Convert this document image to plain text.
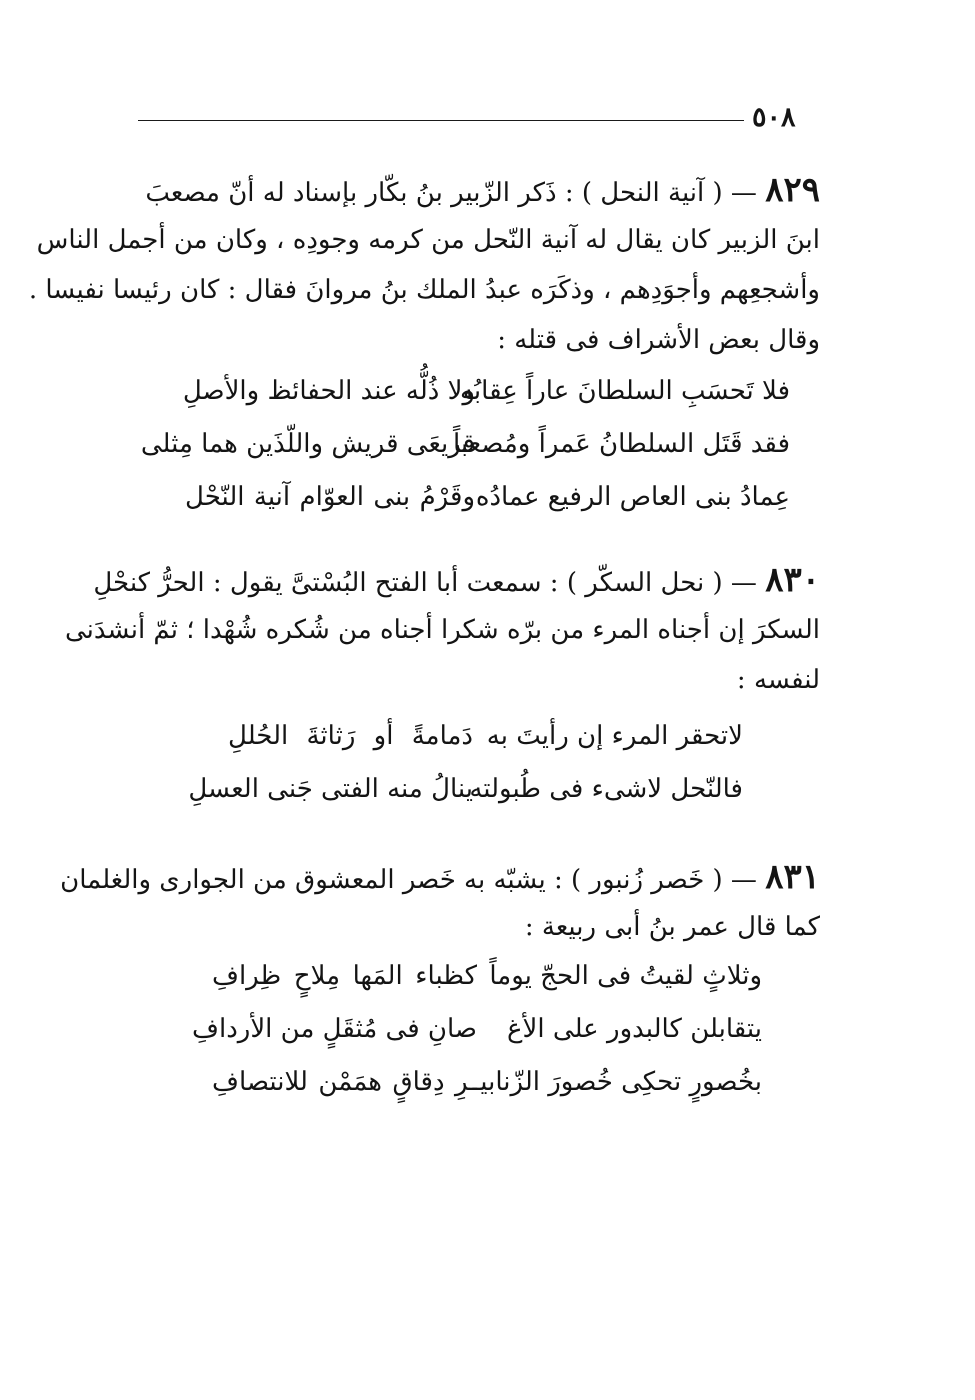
٥٠٨
٨٢٩ — ( آنية النحل ) : ذَكر الزّبير بنُ بكّار بإسناد له أنّ مصعبَ
ابنَ الزبير كان يقال له آنية النّحل من كرمه وجودِه ، وكان من أجمل الناس
وأشجعِهم وأجوَدِهم ، وذكَرَه عبدُ الملك بنُ مروانَ فقال : كان رئيسا نفيسا .
وقال بعض الأشراف فى قتله :
فلا تَحسَبِ السلطانَ عاراً عِقابُه
ولا ذُلُّه عند الحفائظ والأصلِ
فقد قَتَل السلطانُ عَمراً ومُصعباً
قريعَى قريش واللّذَين هما مِثلى
عِمادُ بنى العاص الرفيع عمادُه
وقَرْمُ بنى العوّام آنية النّحْل
٨٣٠ — ( نحل السكّر ) : سمعت أبا الفتح البُسْتىَّ يقول : الحرُّ كنحْلِ
السكرَ إن أجناه المرء من برّه شكرا أجناه من شُكره شُهْدا ؛ ثمّ أنشدَنى
لنفسه :
لاتحقر المرء إن رأيتَ به
دَمامةً أو رَثاثةَ الحُللِ
فالنّحل لاشىء فى طُبولته
ينالُ منه الفتى جَنى العسلِ
٨٣١ — ( خَصر زُنبور ) : يشبّه به خَصر المعشوق من الجوارى والغلمان
كما قال عمر بنُ أبى ربيعة :
وثلاثٍ لقيتُ فى الحجّ يوماً
كظباء المَها مِلاحٍ ظِرافِ
يتقابلن كالبدور على الأغ
صانِ فى مُثقَلٍ من الأردافِ
بخُصورٍ تحكِى خُصورَ الزّنابيـ
ـرِ دِقاقٍ همَمْن للانتصافِ
